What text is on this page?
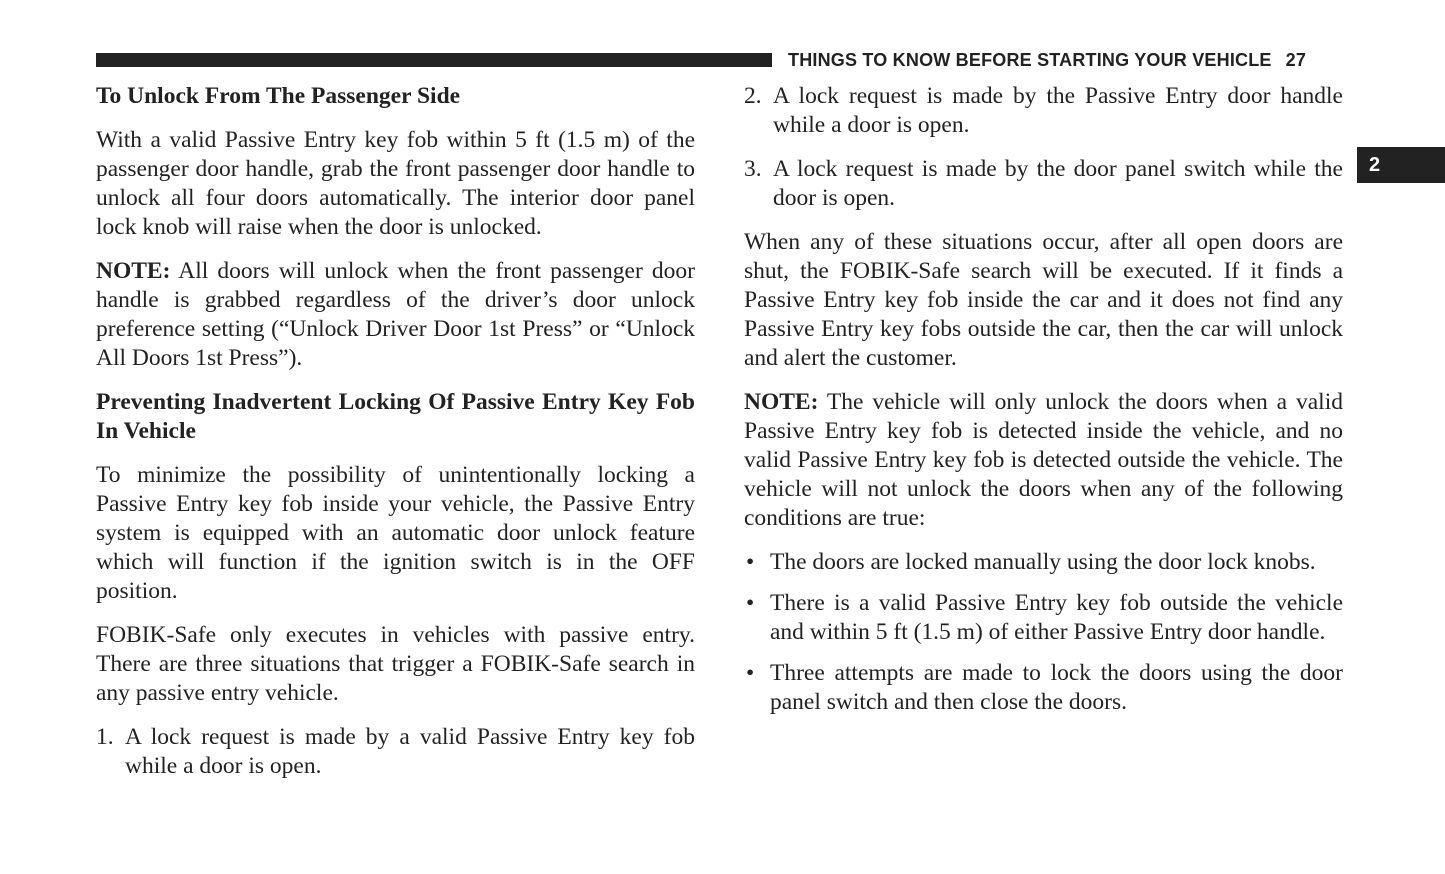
THINGS TO KNOW BEFORE STARTING YOUR VEHICLE 27
2
To Unlock From The Passenger Side

With a valid Passive Entry key fob within 5 ft (1.5 m) of the passenger door handle, grab the front passenger door handle to unlock all four doors automatically. The interior door panel lock knob will raise when the door is unlocked.

NOTE: All doors will unlock when the front passenger door handle is grabbed regardless of the driver’s door unlock preference setting (“Unlock Driver Door 1st Press” or “Unlock All Doors 1st Press”).

Preventing Inadvertent Locking Of Passive Entry Key Fob In Vehicle

To minimize the possibility of unintentionally locking a Passive Entry key fob inside your vehicle, the Passive Entry system is equipped with an automatic door unlock feature which will function if the ignition switch is in the OFF position.

FOBIK-Safe only executes in vehicles with passive entry. There are three situations that trigger a FOBIK-Safe search in any passive entry vehicle.

1. A lock request is made by a valid Passive Entry key fob while a door is open.
2. A lock request is made by the Passive Entry door handle while a door is open.
3. A lock request is made by the door panel switch while the door is open.

When any of these situations occur, after all open doors are shut, the FOBIK-Safe search will be executed. If it finds a Passive Entry key fob inside the car and it does not find any Passive Entry key fobs outside the car, then the car will unlock and alert the customer.

NOTE: The vehicle will only unlock the doors when a valid Passive Entry key fob is detected inside the vehicle, and no valid Passive Entry key fob is detected outside the vehicle. The vehicle will not unlock the doors when any of the following conditions are true:

• The doors are locked manually using the door lock knobs.
• There is a valid Passive Entry key fob outside the vehicle and within 5 ft (1.5 m) of either Passive Entry door handle.
• Three attempts are made to lock the doors using the door panel switch and then close the doors.
